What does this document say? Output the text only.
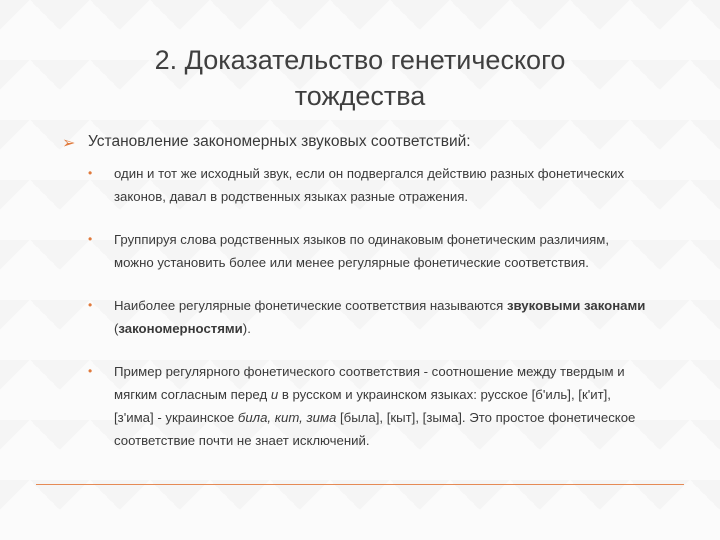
2. Доказательство генетического
тождества
➢ Установление закономерных звуковых соответствий:
• один и тот же исходный звук, если он подвергался действию разных фонетических законов, давал в родственных языках разные отражения.
• Группируя слова родственных языков по одинаковым фонетическим различиям, можно установить более или менее регулярные фонетические соответствия.
• Наиболее регулярные фонетические соответствия называются звуковыми законами (закономерностями).
• Пример регулярного фонетического соответствия - соотношение между твердым и мягким согласным перед и в русском и украинском языках: русское [б'иль], [к'ит], [з'има] - украинское била, кит, зима [была], [кыт], [зыма]. Это простое фонетическое соответствие почти не знает исключений.
